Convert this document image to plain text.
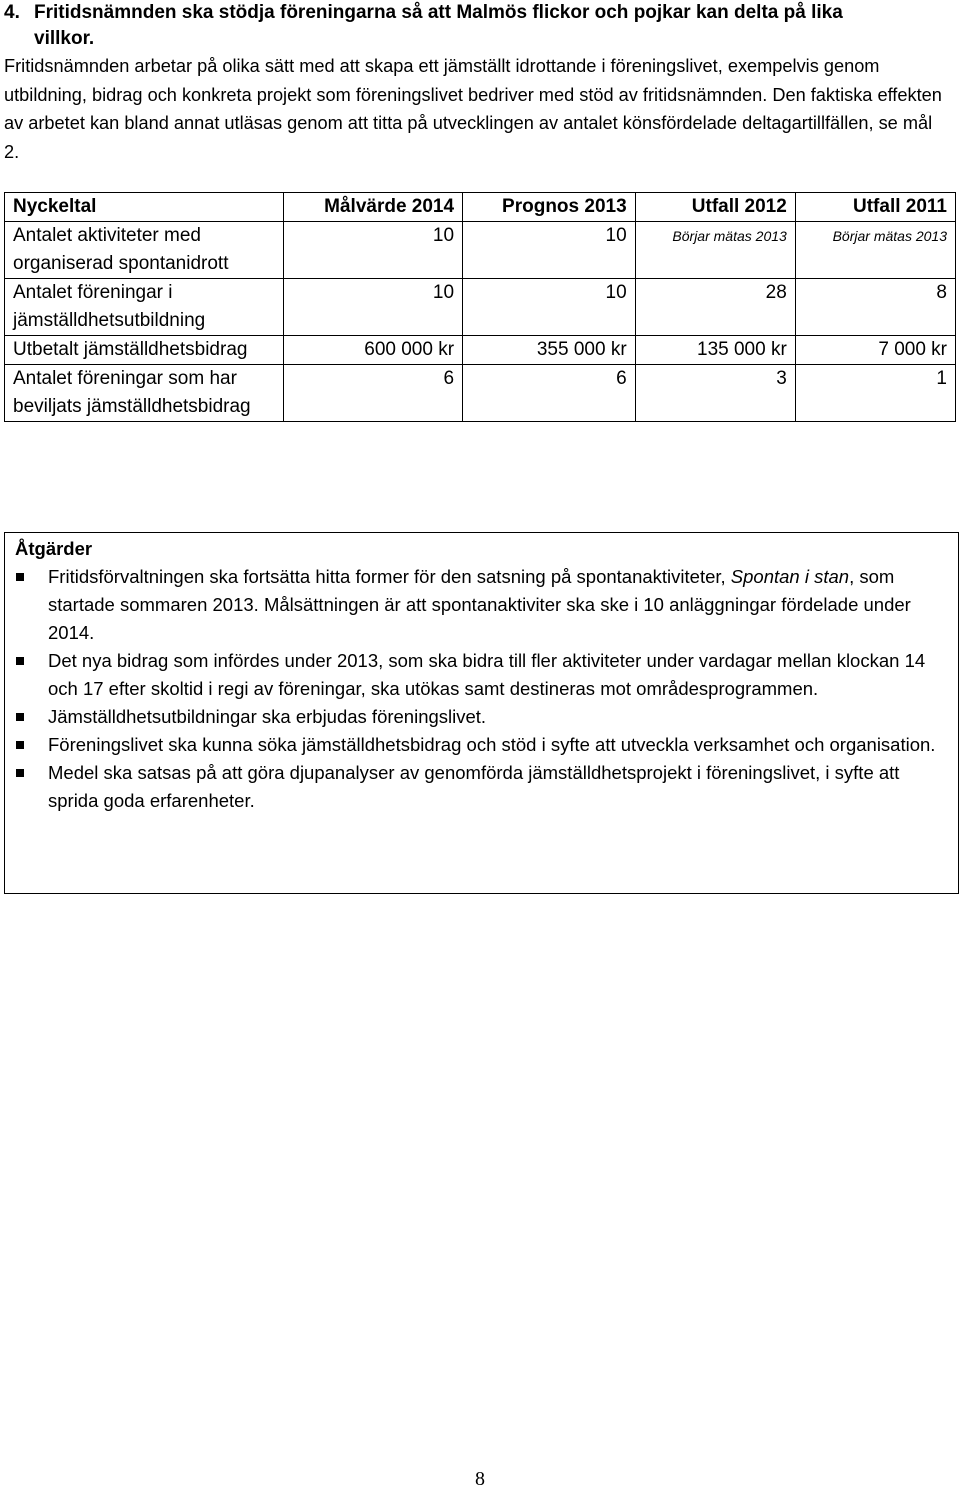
4. Fritidsnämnden ska stödja föreningarna så att Malmös flickor och pojkar kan delta på lika
villkor.

Fritidsnämnden arbetar på olika sätt med att skapa ett jämställt idrottande i föreningslivet, exempelvis genom utbildning, bidrag och konkreta projekt som föreningslivet bedriver med stöd av fritidsnämnden. Den faktiska effekten av arbetet kan bland annat utläsas genom att titta på utvecklingen av antalet könsfördelade deltagartillfällen, se mål 2.

Nyckeltal	Målvärde 2014	Prognos 2013	Utfall 2012	Utfall 2011
Antalet aktiviteter med organiserad spontanidrott	10	10	Börjar mätas 2013	Börjar mätas 2013
Antalet föreningar i jämställdhetsutbildning	10	10	28	8
Utbetalt jämställdhetsbidrag	600 000 kr	355 000 kr	135 000 kr	7 000 kr
Antalet föreningar som har beviljats jämställdhetsbidrag	6	6	3	1

Åtgärder

Fritidsförvaltningen ska fortsätta hitta former för den satsning på spontanaktiviteter, Spontan i stan, som startade sommaren 2013. Målsättningen är att spontanaktiviter ska ske i 10 anläggningar fördelade under 2014.
Det nya bidrag som infördes under 2013, som ska bidra till fler aktiviteter under vardagar mellan klockan 14 och 17 efter skoltid i regi av föreningar, ska utökas samt destineras mot områdesprogrammen.
Jämställdhetsutbildningar ska erbjudas föreningslivet.
Föreningslivet ska kunna söka jämställdhetsbidrag och stöd i syfte att utveckla verksamhet och organisation.
Medel ska satsas på att göra djupanalyser av genomförda jämställdhetsprojekt i föreningslivet, i syfte att sprida goda erfarenheter.
8
